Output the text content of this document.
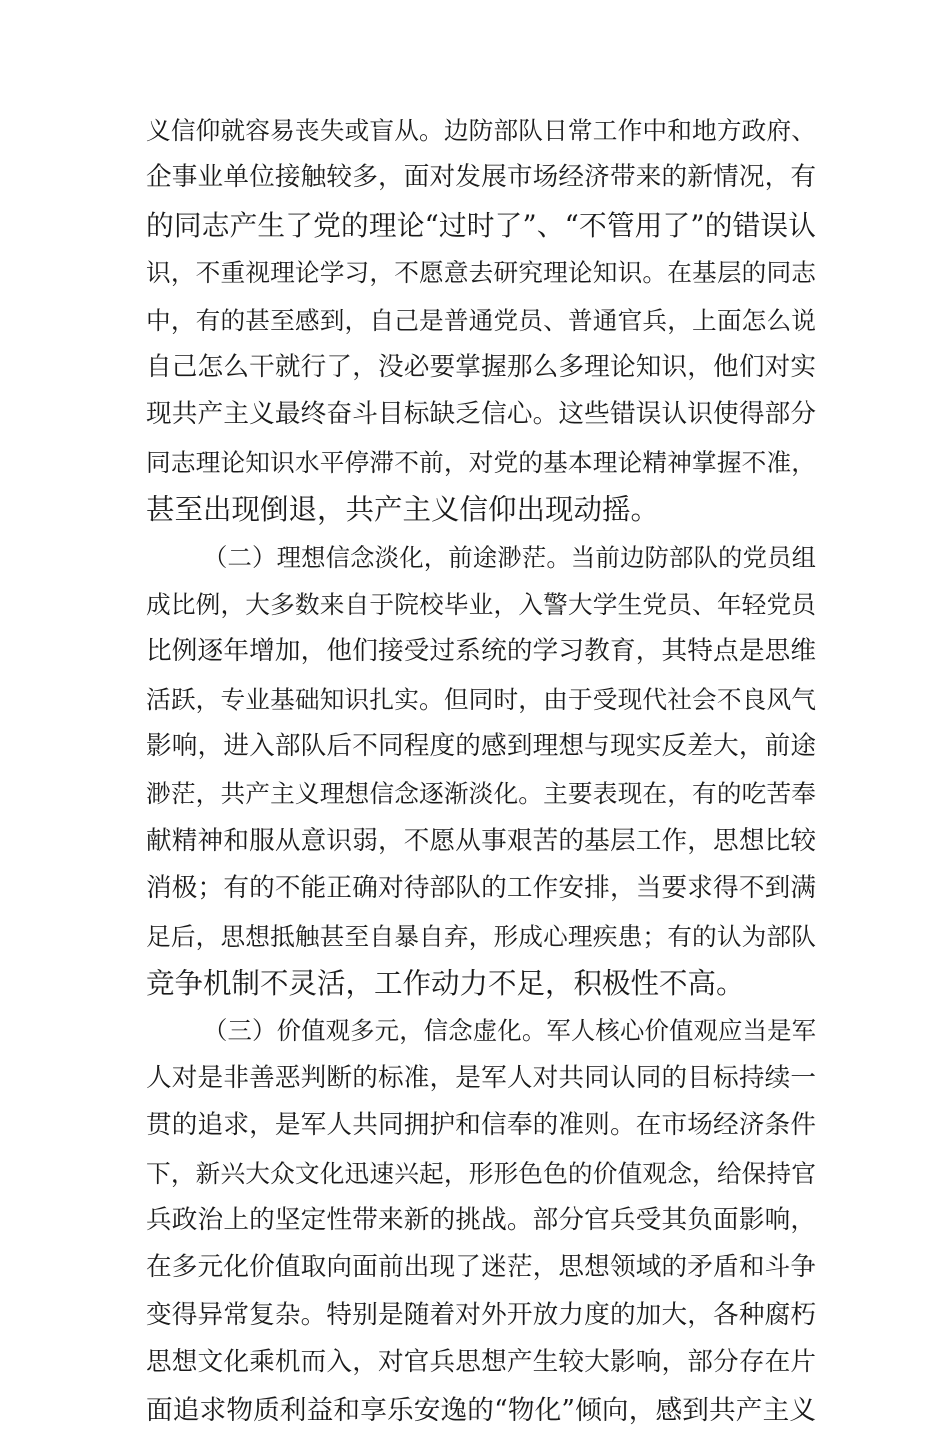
义信仰就容易丧失或盲从。边防部队日常工作中和地方政府、
企事业单位接触较多，面对发展市场经济带来的新情况，有
的同志产生了党的理论“过时了”、“不管用了”的错误认
识，不重视理论学习，不愿意去研究理论知识。在基层的同志
中，有的甚至感到，自己是普通党员、普通官兵，上面怎么说
自己怎么干就行了，没必要掌握那么多理论知识，他们对实
现共产主义最终奋斗目标缺乏信心。这些错误认识使得部分
同志理论知识水平停滞不前，对党的基本理论精神掌握不准，
甚至出现倒退，共产主义信仰出现动摇。
（二）理想信念淡化，前途渺茫。当前边防部队的党员组
成比例，大多数来自于院校毕业，入警大学生党员、年轻党员
比例逐年增加，他们接受过系统的学习教育，其特点是思维
活跃，专业基础知识扎实。但同时，由于受现代社会不良风气
影响，进入部队后不同程度的感到理想与现实反差大，前途
渺茫，共产主义理想信念逐渐淡化。主要表现在，有的吃苦奉
献精神和服从意识弱，不愿从事艰苦的基层工作，思想比较
消极；有的不能正确对待部队的工作安排，当要求得不到满
足后，思想抵触甚至自暴自弃，形成心理疾患；有的认为部队
竞争机制不灵活，工作动力不足，积极性不高。
（三）价值观多元，信念虚化。军人核心价值观应当是军
人对是非善恶判断的标准，是军人对共同认同的目标持续一
贯的追求，是军人共同拥护和信奉的准则。在市场经济条件
下，新兴大众文化迅速兴起，形形色色的价值观念，给保持官
兵政治上的坚定性带来新的挑战。部分官兵受其负面影响，
在多元化价值取向面前出现了迷茫，思想领域的矛盾和斗争
变得异常复杂。特别是随着对外开放力度的加大，各种腐朽
思想文化乘机而入，对官兵思想产生较大影响，部分存在片
面追求物质利益和享乐安逸的“物化”倾向，感到共产主义
